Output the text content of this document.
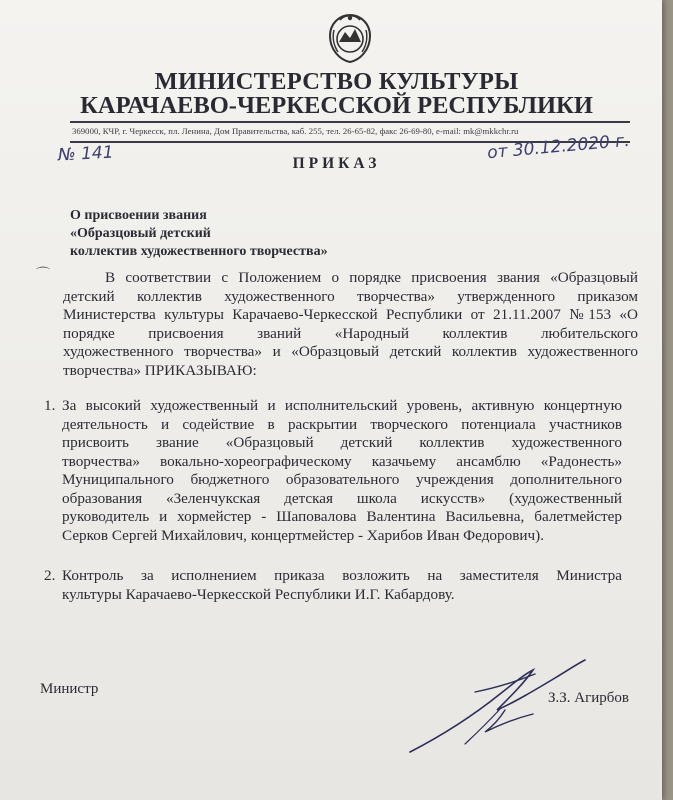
МИНИСТЕРСТВО КУЛЬТУРЫ
КАРАЧАЕВО-ЧЕРКЕССКОЙ РЕСПУБЛИКИ
369000, КЧР, г. Черкесск, пл. Ленина, Дом Правительства, каб. 255, тел. 26-65-82, факс 26-69-80, e-mail: mk@mkkchr.ru
№ 141	от 30.12.2020 г.
ПРИКАЗ
О присвоении звания
«Образцовый детский
коллектив художественного творчества»
⌒	В соответствии с Положением о порядке присвоения звания «Образцовый
детский коллектив художественного творчества» утвержденного приказом
Министерства культуры Карачаево-Черкесской Республики от 21.11.2007 №153 «О
порядке присвоения званий «Народный коллектив любительского
художественного творчества» и «Образцовый детский коллектив художественного
творчества» ПРИКАЗЫВАЮ:
1. За высокий художественный и исполнительский уровень, активную концертную
деятельность и содействие в раскрытии творческого потенциала участников
присвоить звание «Образцовый детский коллектив художественного
творчества» вокально-хореографическому казачьему ансамблю «Радонесть»
Муниципального бюджетного образовательного учреждения дополнительного
образования «Зеленчукская детская школа искусств» (художественный
руководитель и хормейстер - Шаповалова Валентина Васильевна, балетмейстер
Серков Сергей Михайлович, концертмейстер - Харибов Иван Федорович).
2. Контроль за исполнением приказа возложить на заместителя Министра
культуры Карачаево-Черкесской Республики И.Г. Кабардову.
Министр
З.З. Агирбов
